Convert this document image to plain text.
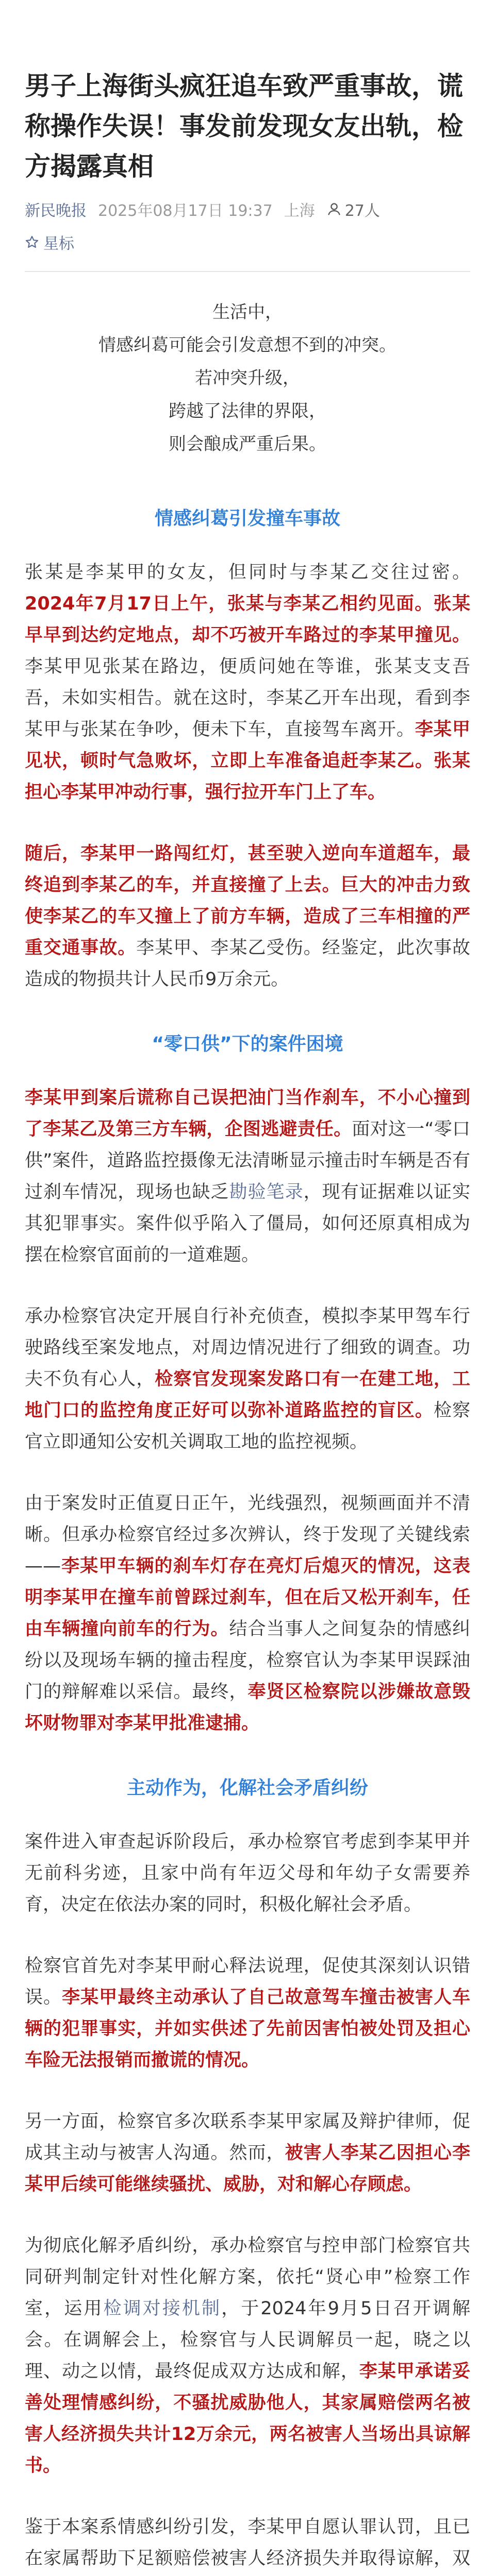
男子上海街头疯狂追车致严重事故，谎称操作失误！事发前发现女友出轨，检方揭露真相
新民晚报 2025年08月17日 19:37 上海 27人
星标

生活中，

情感纠葛可能会引发意想不到的冲突。

若冲突升级，

跨越了法律的界限，

则会酿成严重后果。

情感纠葛引发撞车事故

张某是李某甲的女友，但同时与李某乙交往过密。2024年7月17日上午，张某与李某乙相约见面。张某早早到达约定地点，却不巧被开车路过的李某甲撞见。李某甲见张某在路边，便质问她在等谁，张某支支吾吾，未如实相告。就在这时，李某乙开车出现，看到李某甲与张某在争吵，便未下车，直接驾车离开。李某甲见状，顿时气急败坏，立即上车准备追赶李某乙。张某担心李某甲冲动行事，强行拉开车门上了车。

随后，李某甲一路闯红灯，甚至驶入逆向车道超车，最终追到李某乙的车，并直接撞了上去。巨大的冲击力致使李某乙的车又撞上了前方车辆，造成了三车相撞的严重交通事故。李某甲、李某乙受伤。经鉴定，此次事故造成的物损共计人民币9万余元。

“零口供”下的案件困境

李某甲到案后谎称自己误把油门当作刹车，不小心撞到了李某乙及第三方车辆，企图逃避责任。面对这一“零口供”案件，道路监控摄像无法清晰显示撞击时车辆是否有过刹车情况，现场也缺乏勘验笔录，现有证据难以证实其犯罪事实。案件似乎陷入了僵局，如何还原真相成为摆在检察官面前的一道难题。

承办检察官决定开展自行补充侦查，模拟李某甲驾车行驶路线至案发地点，对周边情况进行了细致的调查。功夫不负有心人，检察官发现案发路口有一在建工地，工地门口的监控角度正好可以弥补道路监控的盲区。检察官立即通知公安机关调取工地的监控视频。

由于案发时正值夏日正午，光线强烈，视频画面并不清晰。但承办检察官经过多次辨认，终于发现了关键线索——李某甲车辆的刹车灯存在亮灯后熄灭的情况，这表明李某甲在撞车前曾踩过刹车，但在后又松开刹车，任由车辆撞向前车的行为。结合当事人之间复杂的情感纠纷以及现场车辆的撞击程度，检察官认为李某甲误踩油门的辩解难以采信。最终，奉贤区检察院以涉嫌故意毁坏财物罪对李某甲批准逮捕。

主动作为，化解社会矛盾纠纷

案件进入审查起诉阶段后，承办检察官考虑到李某甲并无前科劣迹，且家中尚有年迈父母和年幼子女需要养育，决定在依法办案的同时，积极化解社会矛盾。

检察官首先对李某甲耐心释法说理，促使其深刻认识错误。李某甲最终主动承认了自己故意驾车撞击被害人车辆的犯罪事实，并如实供述了先前因害怕被处罚及担心车险无法报销而撤谎的情况。

另一方面，检察官多次联系李某甲家属及辩护律师，促成其主动与被害人沟通。然而，被害人李某乙因担心李某甲后续可能继续骚扰、威胁，对和解心存顾虑。

为彻底化解矛盾纠纷，承办检察官与控申部门检察官共同研判制定针对性化解方案，依托“贤心申”检察工作室，运用检调对接机制，于2024年9月5日召开调解会。在调解会上，检察官与人民调解员一起，晓之以理、动之以情，最终促成双方达成和解，李某甲承诺妥善处理情感纠纷，不骚扰威胁他人，其家属赔偿两名被害人经济损失共计12万余元，两名被害人当场出具谅解书。

鉴于本案系情感纠纷引发，李某甲自愿认罪认罚，且已在家属帮助下足额赔偿被害人经济损失并取得谅解，双
